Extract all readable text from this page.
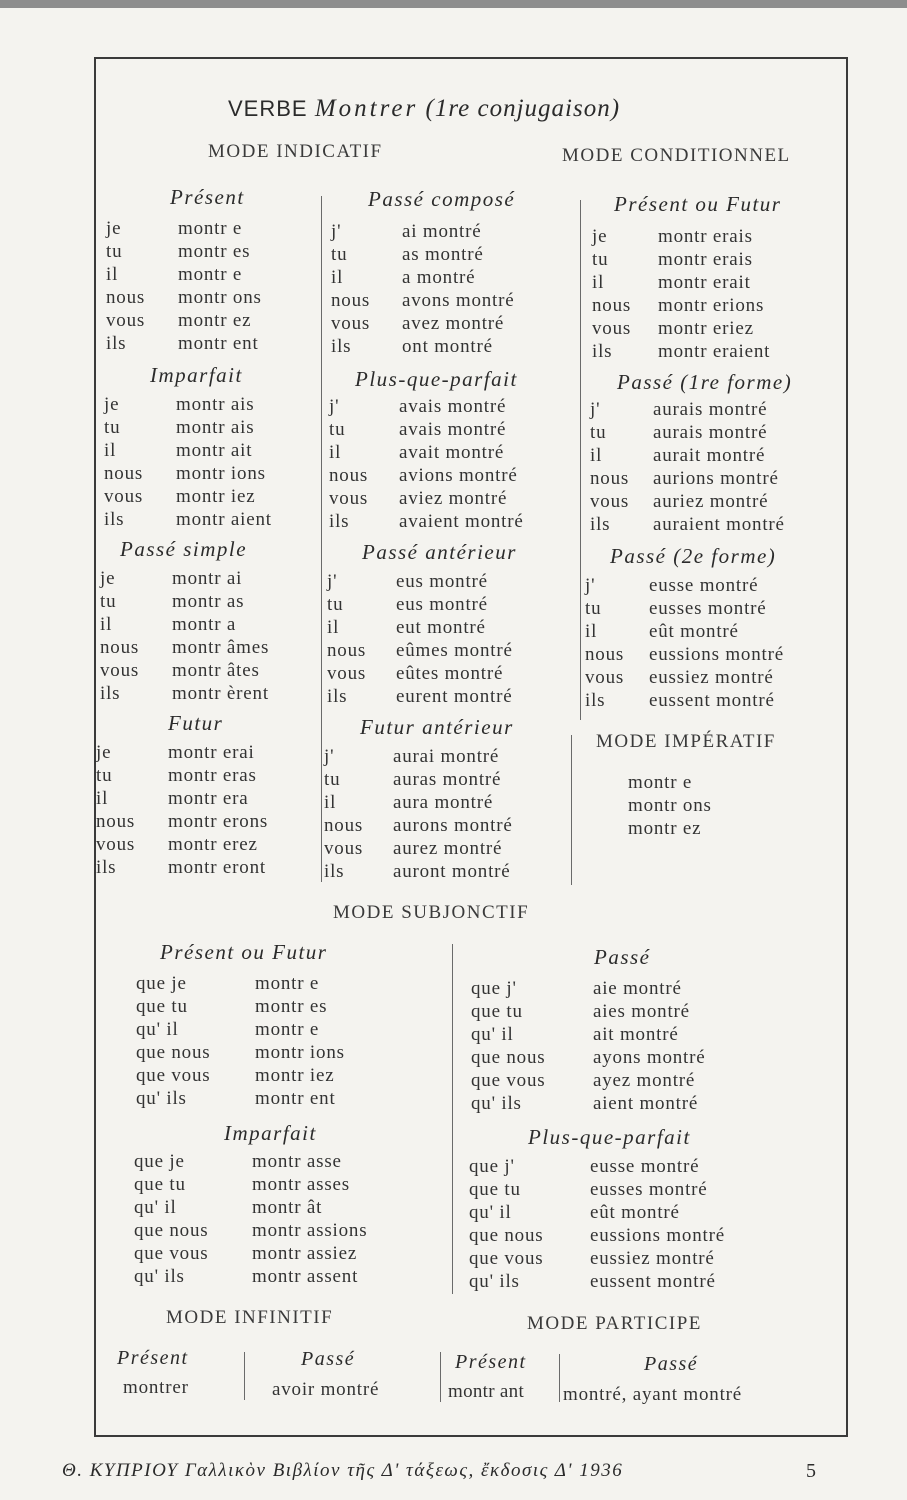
VERBE Montrer (1re conjugaison)
MODE INDICATIF	MODE CONDITIONNEL
MODE IMPÉRATIF
MODE SUBJONCTIF
MODE INFINITIF	MODE PARTICIPE
Présent
je	montr e
tu	montr es
il	montr e
nous	montr ons
vous	montr ez
ils	montr ent
Imparfait
je	montr ais
tu	montr ais
il	montr ait
nous	montr ions
vous	montr iez
ils	montr aient
Passé simple
je	montr ai
tu	montr as
il	montr a
nous	montr âmes
vous	montr âtes
ils	montr èrent
Futur
je	montr erai
tu	montr eras
il	montr era
nous	montr erons
vous	montr erez
ils	montr eront
Passé composé
j'	ai montré
tu	as montré
il	a montré
nous	avons montré
vous	avez montré
ils	ont montré
Plus-que-parfait
j'	avais montré
tu	avais montré
il	avait montré
nous	avions montré
vous	aviez montré
ils	avaient montré
Passé antérieur
j'	eus montré
tu	eus montré
il	eut montré
nous	eûmes montré
vous	eûtes montré
ils	eurent montré
Futur antérieur
j'	aurai montré
tu	auras montré
il	aura montré
nous	aurons montré
vous	aurez montré
ils	auront montré
Présent ou Futur
je	montr erais
tu	montr erais
il	montr erait
nous	montr erions
vous	montr eriez
ils	montr eraient
Passé (1re forme)
j'	aurais montré
tu	aurais montré
il	aurait montré
nous	aurions montré
vous	auriez montré
ils	auraient montré
Passé (2e forme)
j'	eusse montré
tu	eusses montré
il	eût montré
nous	eussions montré
vous	eussiez montré
ils	eussent montré
montr e
montr ons
montr ez
Présent ou Futur
que je	montr e
que tu	montr es
qu' il	montr e
que nous	montr ions
que vous	montr iez
qu' ils	montr ent
Imparfait
que je	montr asse
que tu	montr asses
qu' il	montr ât
que nous	montr assions
que vous	montr assiez
qu' ils	montr assent
Passé
que j'	aie montré
que tu	aies montré
qu' il	ait montré
que nous	ayons montré
que vous	ayez montré
qu' ils	aient montré
Plus-que-parfait
que j'	eusse montré
que tu	eusses montré
qu' il	eût montré
que nous	eussions montré
que vous	eussiez montré
qu' ils	eussent montré
Présent
montrer
Passé
avoir montré
Présent
montr ant
Passé
montré, ayant montré
Θ. ΚΥΠΡΙΟΥ Γαλλικὸν Βιβλίον τῆς Δ' τάξεως, ἔκδοσις Δ' 1936	5
